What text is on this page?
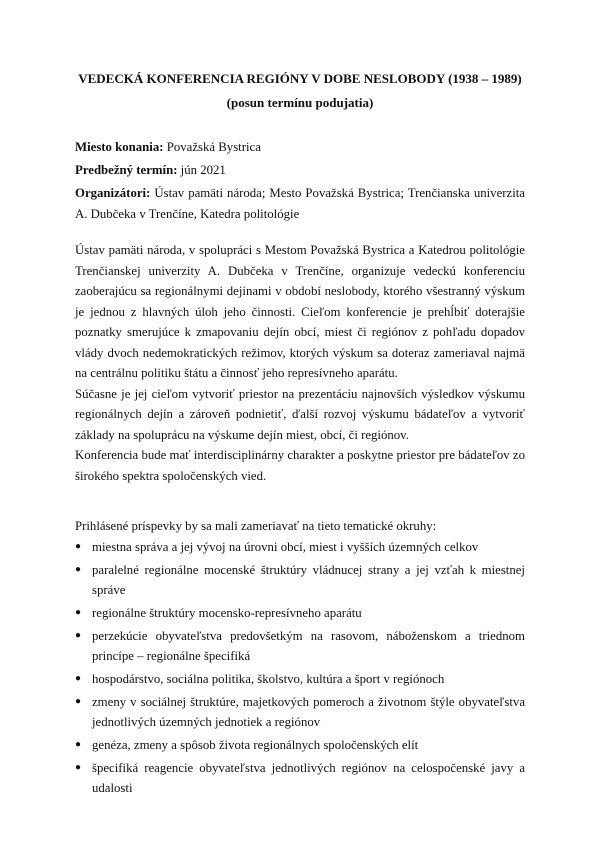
VEDECKÁ KONFERENCIA REGIÓNY V DOBE NESLOBODY (1938 – 1989)
(posun termínu podujatia)
Miesto konania: Považská Bystrica
Predbežný termín: jún 2021
Organizátori: Ústav pamäti národa; Mesto Považská Bystrica; Trenčianska univerzita A. Dubčeka v Trenčíne, Katedra politológie

Ústav pamäti národa, v spolupráci s Mestom Považská Bystrica a Katedrou politológie Trenčianskej univerzity A. Dubčeka v Trenčíne, organizuje vedeckú konferenciu zaoberajúcu sa regionálnymi dejinami v období neslobody, ktorého všestranný výskum je jednou z hlavných úloh jeho činnosti. Cieľom konferencie je prehĺbiť doterajšie poznatky smerujúce k zmapovaniu dejín obcí, miest či regiónov z pohľadu dopadov vlády dvoch nedemokratických režimov, ktorých výskum sa doteraz zameriaval najmä na centrálnu politiku štátu a činnosť jeho represívneho aparátu.

Súčasne je jej cieľom vytvoriť priestor na prezentáciu najnovších výsledkov výskumu regionálnych dejín a zároveň podnietiť, ďalší rozvoj výskumu bádateľov a vytvoriť základy na spoluprácu na výskume dejín miest, obcí, či regiónov.

Konferencia bude mať interdisciplinárny charakter a poskytne priestor pre bádateľov zo širokého spektra spoločenských vied.

Prihlásené príspevky by sa mali zameriavať na tieto tematické okruhy:
● miestna správa a jej vývoj na úrovni obcí, miest i vyšších územných celkov
● paralelné regionálne mocenské štruktúry vládnucej strany a jej vzťah k miestnej správe
● regionálne štruktúry mocensko-represívneho aparátu
● perzekúcie obyvateľstva predovšetkým na rasovom, náboženskom a triednom princípe – regionálne špecifiká
● hospodárstvo, sociálna politika, školstvo, kultúra a šport v regiónoch
● zmeny v sociálnej štruktúre, majetkových pomeroch a životnom štýle obyvateľstva jednotlivých územných jednotiek a regiónov
● genéza, zmeny a spôsob života regionálnych spoločenských elít
● špecifiká reagencie obyvateľstva jednotlivých regiónov na celospočenské javy a udalosti
